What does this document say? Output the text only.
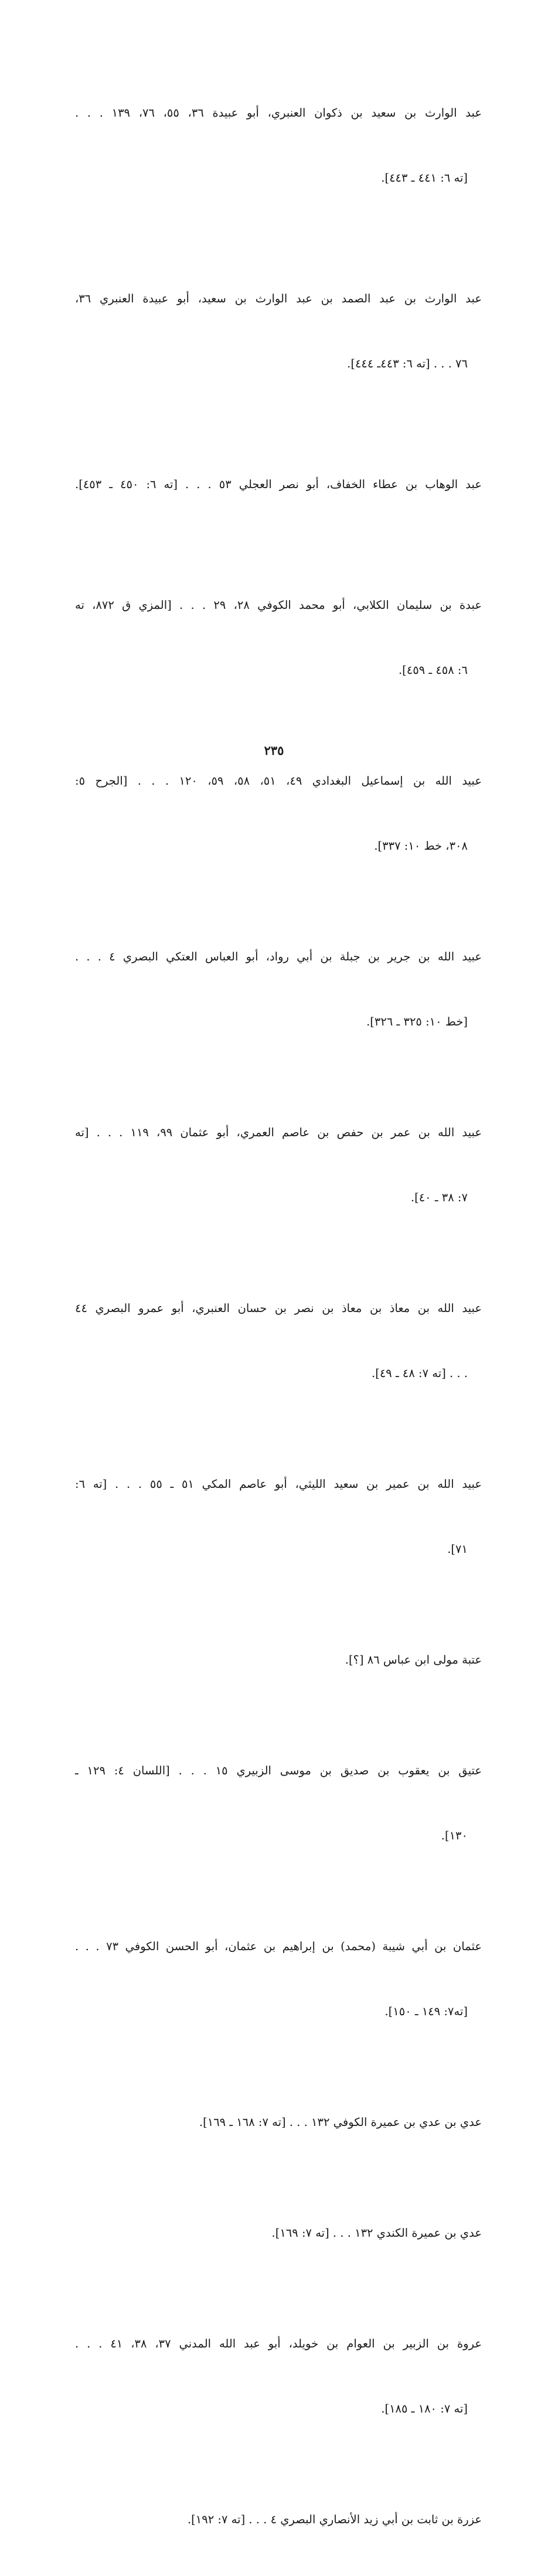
عبد الوارث بن سعيد بن ذكوان العنبري، أبو عبيدة ٣٦، ٥٥، ٧٦، ١٣٩ . . .

[ته ٦: ٤٤١ ـ ٤٤٣].

عبد الوارث بن عبد الصمد بن عبد الوارث بن سعيد، أبو عبيدة العنبري ٣٦،

٧٦ . . . [ته ٦: ٤٤٣ـ ٤٤٤].

عبد الوهاب بن عطاء الخفاف، أبو نصر العجلي ٥٣ . . . [ته ٦: ٤٥٠ ـ ٤٥٣].

عبدة بن سليمان الكلابي، أبو محمد الكوفي ٢٨، ٢٩ . . . [المزي ق ٨٧٢، ته

٦: ٤٥٨ ـ ٤٥٩].

عبيد الله بن إسماعيل البغدادي ٤٩، ٥١، ٥٨، ٥٩، ١٢٠ . . . [الجرح ٥:

٣٠٨، خط ١٠: ٣٣٧].

عبيد الله بن جرير بن جبلة بن أبي رواد، أبو العباس العتكي البصري ٤ . . .

[خط ١٠: ٣٢٥ ـ ٣٢٦].

عبيد الله بن عمر بن حفص بن عاصم العمري، أبو عثمان ٩٩، ١١٩ . . . [ته

٧: ٣٨ ـ ٤٠].

عبيد الله بن معاذ بن معاذ بن نصر بن حسان العنبري، أبو عمرو البصري ٤٤

. . . [ته ٧: ٤٨ ـ ٤٩].

عبيد الله بن عمير بن سعيد الليثي، أبو عاصم المكي ٥١ ـ ٥٥ . . . [ته ٦:

٧١].

عتبة مولى ابن عباس ٨٦ [؟].

عتيق بن يعقوب بن صديق بن موسى الزبيري ١٥ . . . [اللسان ٤: ١٢٩ ـ

١٣٠].

عثمان بن أبي شيبة (محمد) بن إبراهيم بن عثمان، أبو الحسن الكوفي ٧٣ . . .

[ته٧: ١٤٩ ـ ١٥٠].

عدي بن عدي بن عميرة الكوفي ١٣٢ . . . [ته ٧: ١٦٨ ـ ١٦٩].

عدي بن عميرة الكندي ١٣٢ . . . [ته ٧: ١٦٩].

عروة بن الزبير بن العوام بن خويلد، أبو عبد الله المدني ٣٧، ٣٨، ٤١ . . .

[ته ٧: ١٨٠ ـ ١٨٥].

عزرة بن ثابت بن أبي زيد الأنصاري البصري ٤ . . . [ته ٧: ١٩٢].

٢٣٥
